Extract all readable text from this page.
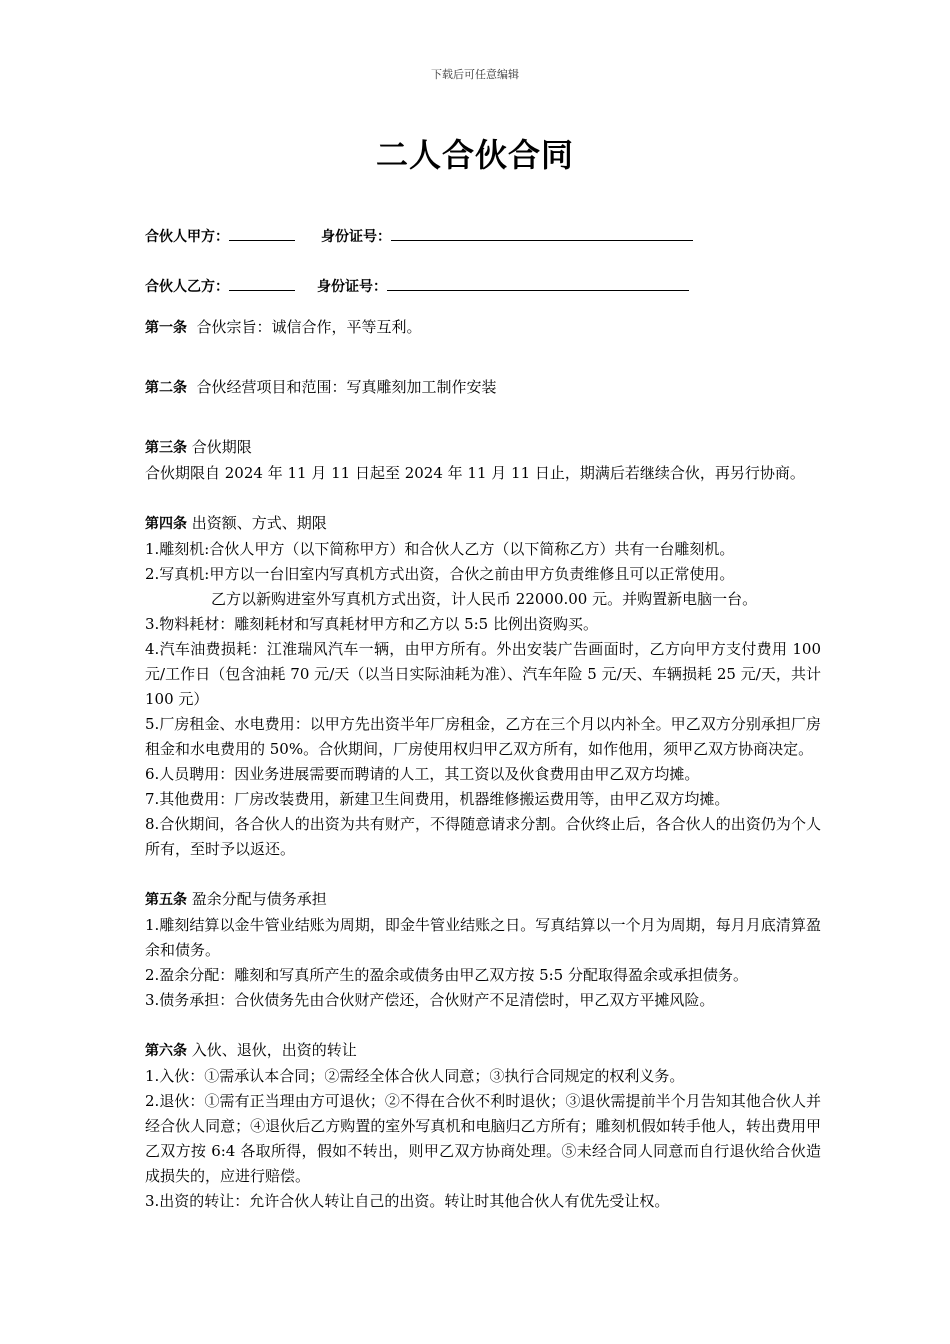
下载后可任意编辑
二人合伙合同
合伙人甲方：	身份证号：
合伙人乙方：	身份证号：

第一条 合伙宗旨：诚信合作，平等互利。

第二条 合伙经营项目和范围：写真雕刻加工制作安装

第三条 合伙期限

合伙期限自 2024 年 11 月 11 日起至 2024 年 11 月 11 日止，期满后若继续合伙，再另行协商。

第四条 出资额、方式、期限

1.雕刻机:合伙人甲方（以下简称甲方）和合伙人乙方（以下简称乙方）共有一台雕刻机。

2.写真机:甲方以一台旧室内写真机方式出资，合伙之前由甲方负责维修且可以正常使用。

乙方以新购进室外写真机方式出资，计人民币 22000.00 元。并购置新电脑一台。

3.物料耗材：雕刻耗材和写真耗材甲方和乙方以 5:5 比例出资购买。

4.汽车油费损耗：江淮瑞风汽车一辆，由甲方所有。外出安装广告画面时，乙方向甲方支付费用 100 元/工作日（包含油耗 70 元/天（以当日实际油耗为准）、汽车年险 5 元/天、车辆损耗 25 元/天，共计 100 元）

5.厂房租金、水电费用：以甲方先出资半年厂房租金，乙方在三个月以内补全。甲乙双方分别承担厂房租金和水电费用的 50%。合伙期间，厂房使用权归甲乙双方所有，如作他用，须甲乙双方协商决定。

6.人员聘用：因业务进展需要而聘请的人工，其工资以及伙食费用由甲乙双方均摊。

7.其他费用：厂房改装费用，新建卫生间费用，机器维修搬运费用等，由甲乙双方均摊。

8.合伙期间，各合伙人的出资为共有财产，不得随意请求分割。合伙终止后，各合伙人的出资仍为个人所有，至时予以返还。

第五条 盈余分配与债务承担

1.雕刻结算以金牛管业结账为周期，即金牛管业结账之日。写真结算以一个月为周期，每月月底清算盈余和债务。

2.盈余分配：雕刻和写真所产生的盈余或债务由甲乙双方按 5:5 分配取得盈余或承担债务。

3.债务承担：合伙债务先由合伙财产偿还，合伙财产不足清偿时，甲乙双方平摊风险。

第六条 入伙、退伙，出资的转让

1.入伙：①需承认本合同；②需经全体合伙人同意；③执行合同规定的权利义务。

2.退伙：①需有正当理由方可退伙；②不得在合伙不利时退伙；③退伙需提前半个月告知其他合伙人并经合伙人同意；④退伙后乙方购置的室外写真机和电脑归乙方所有；雕刻机假如转手他人，转出费用甲乙双方按 6:4 各取所得，假如不转出，则甲乙双方协商处理。⑤未经合同人同意而自行退伙给合伙造成损失的，应进行赔偿。

3.出资的转让：允许合伙人转让自己的出资。转让时其他合伙人有优先受让权。
